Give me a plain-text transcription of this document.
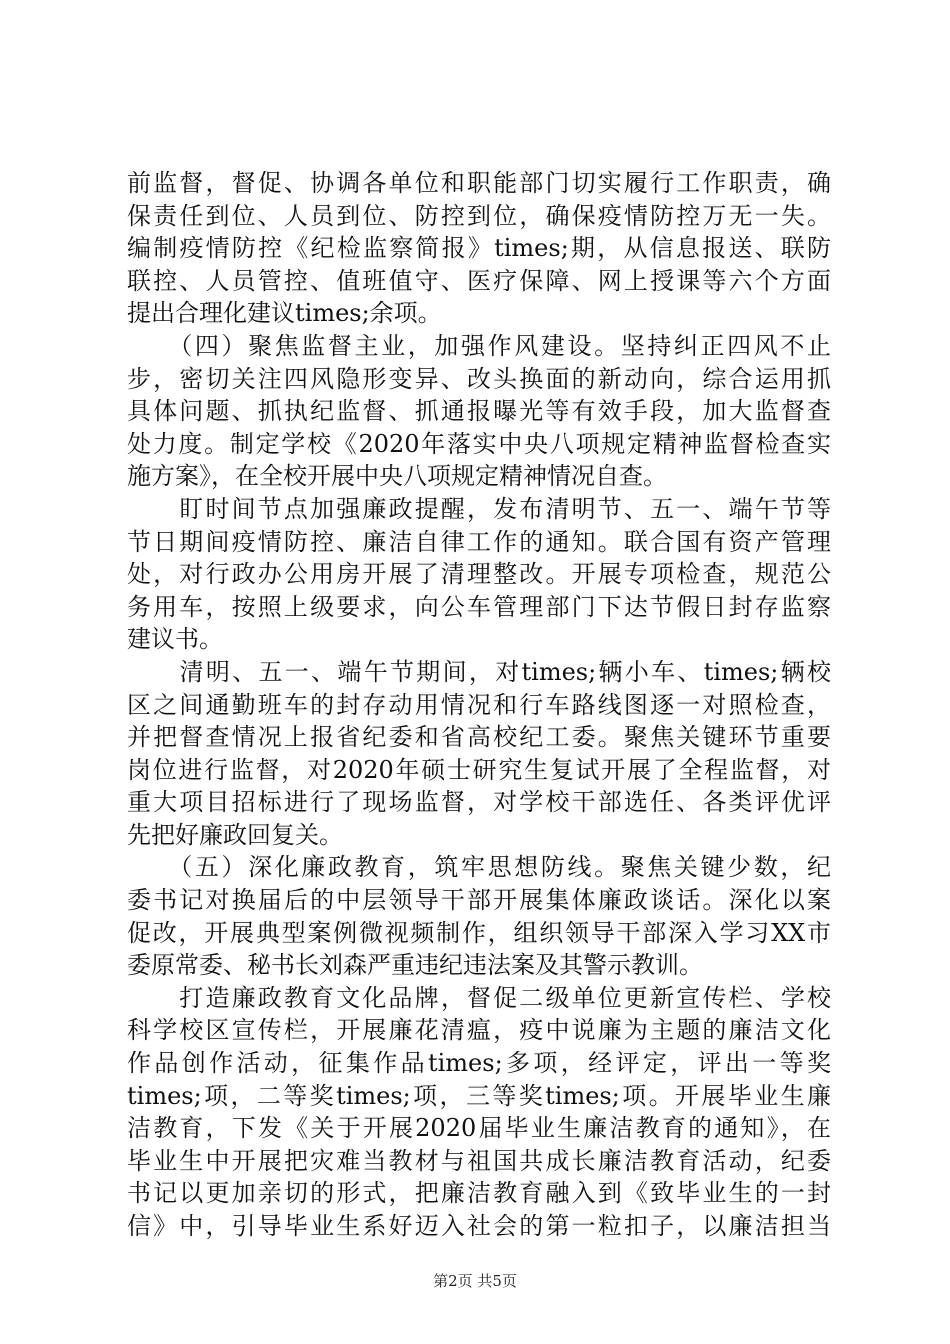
前监督，督促、协调各单位和职能部门切实履行工作职责，确
保责任到位、人员到位、防控到位，确保疫情防控万无一失。
编制疫情防控《纪检监察简报》times;期，从信息报送、联防
联控、人员管控、值班值守、医疗保障、网上授课等六个方面
提出合理化建议times;余项。
　　（四）聚焦监督主业，加强作风建设。坚持纠正四风不止
步，密切关注四风隐形变异、改头换面的新动向，综合运用抓
具体问题、抓执纪监督、抓通报曝光等有效手段，加大监督查
处力度。制定学校《2020年落实中央八项规定精神监督检查实
施方案》，在全校开展中央八项规定精神情况自查。
　　盯时间节点加强廉政提醒，发布清明节、五一、端午节等
节日期间疫情防控、廉洁自律工作的通知。联合国有资产管理
处，对行政办公用房开展了清理整改。开展专项检查，规范公
务用车，按照上级要求，向公车管理部门下达节假日封存监察
建议书。
　　清明、五一、端午节期间，对times;辆小车、times;辆校
区之间通勤班车的封存动用情况和行车路线图逐一对照检查，
并把督查情况上报省纪委和省高校纪工委。聚焦关键环节重要
岗位进行监督，对2020年硕士研究生复试开展了全程监督，对
重大项目招标进行了现场监督，对学校干部选任、各类评优评
先把好廉政回复关。
　　（五）深化廉政教育，筑牢思想防线。聚焦关键少数，纪
委书记对换届后的中层领导干部开展集体廉政谈话。深化以案
促改，开展典型案例微视频制作，组织领导干部深入学习XX市
委原常委、秘书长刘森严重违纪违法案及其警示教训。
　　打造廉政教育文化品牌，督促二级单位更新宣传栏、学校
科学校区宣传栏，开展廉花清瘟，疫中说廉为主题的廉洁文化
作品创作活动，征集作品times;多项，经评定，评出一等奖
times;项，二等奖times;项，三等奖times;项。开展毕业生廉
洁教育，下发《关于开展2020届毕业生廉洁教育的通知》，在
毕业生中开展把灾难当教材与祖国共成长廉洁教育活动，纪委
书记以更加亲切的形式，把廉洁教育融入到《致毕业生的一封
信》中，引导毕业生系好迈入社会的第一粒扣子，以廉洁担当
第2页 共5页
